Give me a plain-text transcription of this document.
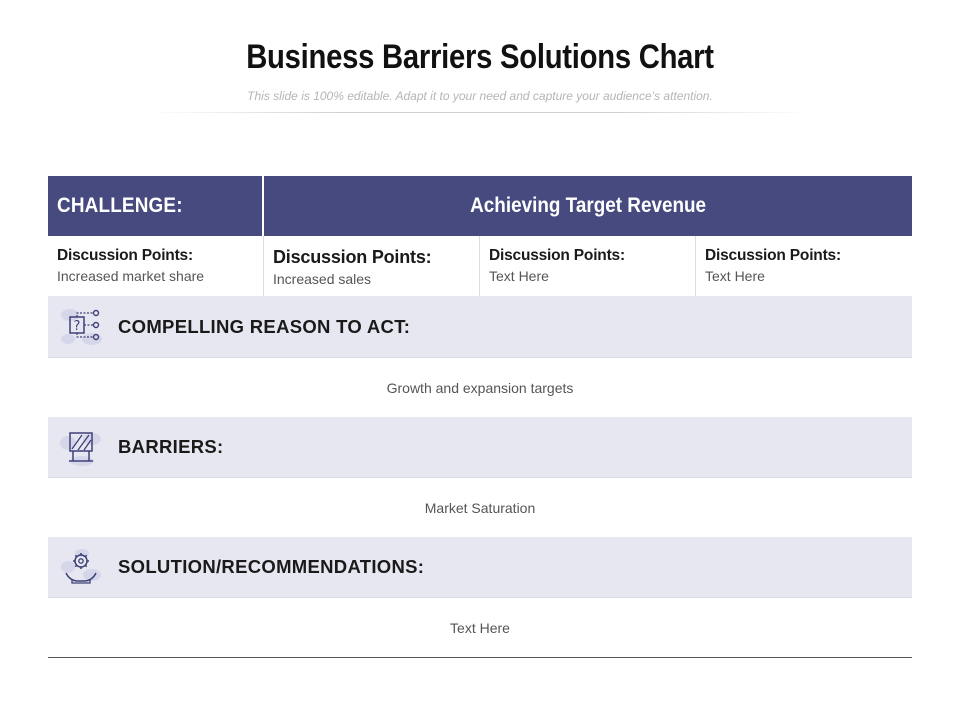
Business Barriers Solutions Chart
This slide is 100% editable. Adapt it to your need and capture your audience’s attention.
CHALLENGE:	Achieving Target Revenue
Discussion Points:
Increased market share
Discussion Points:
Increased sales
Discussion Points:
Text Here
Discussion Points:
Text Here
? COMPELLING REASON TO ACT:
Growth and expansion targets
BARRIERS:
Market Saturation
SOLUTION/RECOMMENDATIONS:
Text Here
